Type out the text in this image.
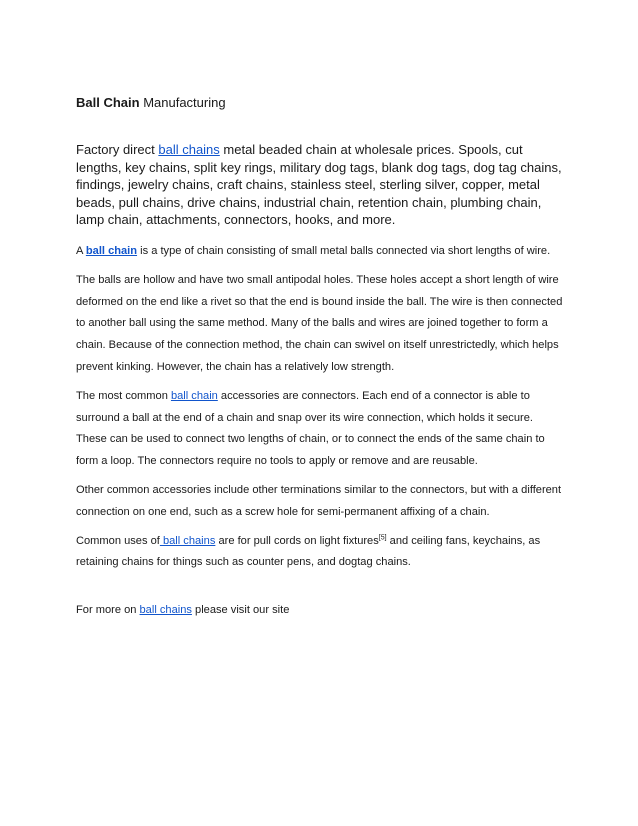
Ball Chain Manufacturing

Factory direct ball chains metal beaded chain at wholesale prices. Spools, cut lengths, key chains, split key rings, military dog tags, blank dog tags, dog tag chains, findings, jewelry chains, craft chains, stainless steel, sterling silver, copper, metal beads, pull chains, drive chains, industrial chain, retention chain, plumbing chain, lamp chain, attachments, connectors, hooks, and more.
A ball chain is a type of chain consisting of small metal balls connected via short lengths of wire.
The balls are hollow and have two small antipodal holes. These holes accept a short length of wire deformed on the end like a rivet so that the end is bound inside the ball. The wire is then connected to another ball using the same method. Many of the balls and wires are joined together to form a chain. Because of the connection method, the chain can swivel on itself unrestrictedly, which helps prevent kinking. However, the chain has a relatively low strength.
The most common ball chain accessories are connectors. Each end of a connector is able to surround a ball at the end of a chain and snap over its wire connection, which holds it secure. These can be used to connect two lengths of chain, or to connect the ends of the same chain to form a loop. The connectors require no tools to apply or remove and are reusable.
Other common accessories include other terminations similar to the connectors, but with a different connection on one end, such as a screw hole for semi-permanent affixing of a chain.
Common uses of ball chains are for pull cords on light fixtures[5] and ceiling fans, keychains, as retaining chains for things such as counter pens, and dogtag chains.
For more on ball chains please visit our site
